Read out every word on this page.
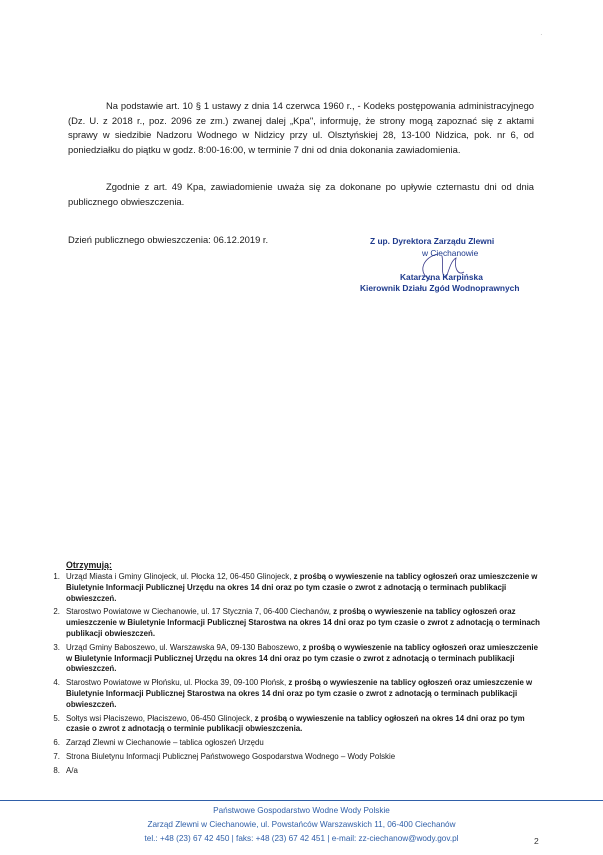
·

Na podstawie art. 10 § 1 ustawy z dnia 14 czerwca 1960 r., - Kodeks postępowania administracyjnego (Dz. U. z 2018 r., poz. 2096 ze zm.) zwanej dalej „Kpa", informuję, że strony mogą zapoznać się z aktami sprawy w siedzibie Nadzoru Wodnego w Nidzicy przy ul. Olsztyńskiej 28, 13-100 Nidzica, pok. nr 6, od poniedziałku do piątku w godz. 8:00-16:00, w terminie 7 dni od dnia dokonania zawiadomienia.

Zgodnie z art. 49 Kpa, zawiadomienie uważa się za dokonane po upływie czternastu dni od dnia publicznego obwieszczenia.

Dzień publicznego obwieszczenia: 06.12.2019 r.	Z up. Dyrektora Zarządu Zlewni
w Ciechanowie
Katarzyna Karpińska
Kierownik Działu Zgód Wodnoprawnych
Otrzymują:
1. Urząd Miasta i Gminy Glinojeck, ul. Płocka 12, 06-450 Glinojeck, z prośbą o wywieszenie na tablicy ogłoszeń oraz umieszczenie w Biuletynie Informacji Publicznej Urzędu na okres 14 dni oraz po tym czasie o zwrot z adnotacją o terminach publikacji obwieszczeń.
2. Starostwo Powiatowe w Ciechanowie, ul. 17 Stycznia 7, 06-400 Ciechanów, z prośbą o wywieszenie na tablicy ogłoszeń oraz umieszczenie w Biuletynie Informacji Publicznej Starostwa na okres 14 dni oraz po tym czasie o zwrot z adnotacją o terminach publikacji obwieszczeń.
3. Urząd Gminy Baboszewo, ul. Warszawska 9A, 09-130 Baboszewo, z prośbą o wywieszenie na tablicy ogłoszeń oraz umieszczenie w Biuletynie Informacji Publicznej Urzędu na okres 14 dni oraz po tym czasie o zwrot z adnotacją o terminach publikacji obwieszczeń.
4. Starostwo Powiatowe w Płońsku, ul. Płocka 39, 09-100 Płońsk, z prośbą o wywieszenie na tablicy ogłoszeń oraz umieszczenie w Biuletynie Informacji Publicznej Starostwa na okres 14 dni oraz po tym czasie o zwrot z adnotacją o terminach publikacji obwieszczeń.
5. Sołtys wsi Płaciszewo, Płaciszewo, 06-450 Glinojeck, z prośbą o wywieszenie na tablicy ogłoszeń na okres 14 dni oraz po tym czasie o zwrot z adnotacją o terminie publikacji obwieszczenia.
6. Zarząd Zlewni w Ciechanowie – tablica ogłoszeń Urzędu
7. Strona Biuletynu Informacji Publicznej Państwowego Gospodarstwa Wodnego – Wody Polskie
8. A/a
Państwowe Gospodarstwo Wodne Wody Polskie
Zarząd Zlewni w Ciechanowie, ul. Powstańców Warszawskich 11, 06-400 Ciechanów
tel.: +48 (23) 67 42 450 | faks: +48 (23) 67 42 451 | e-mail: zz-ciechanow@wody.gov.pl	2
